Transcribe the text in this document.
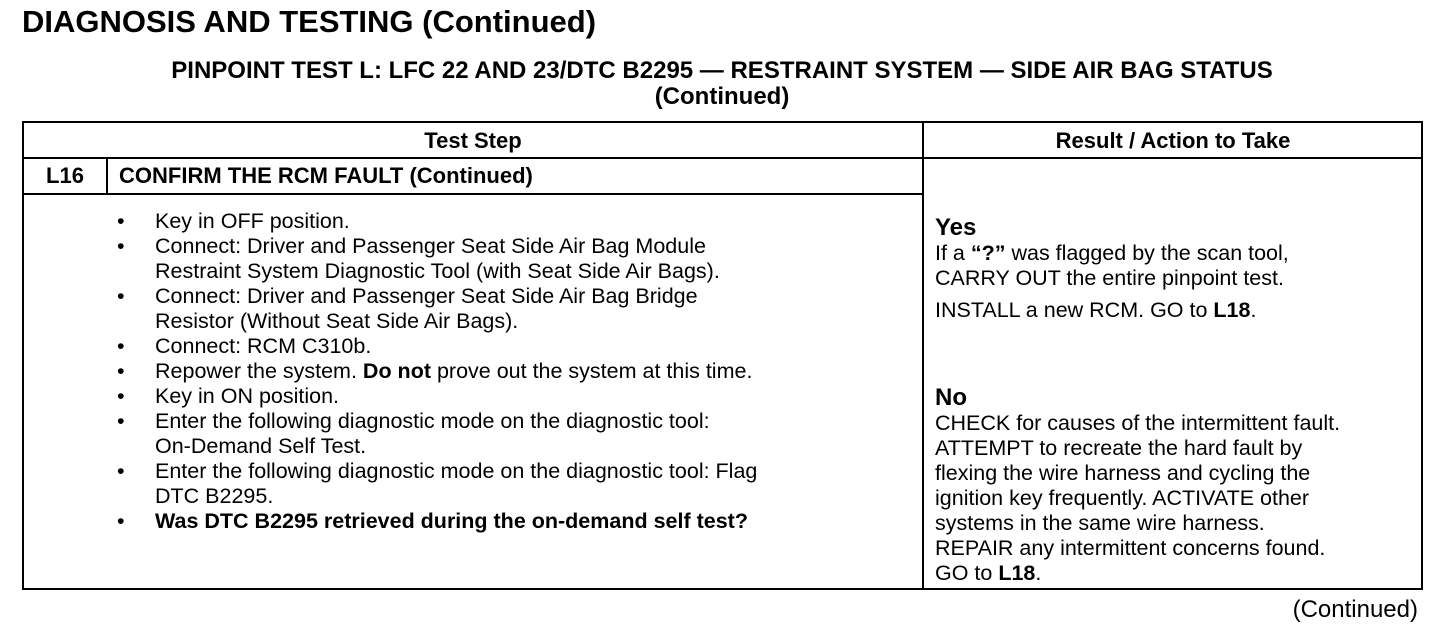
DIAGNOSIS AND TESTING (Continued)
PINPOINT TEST L: LFC 22 AND 23/DTC B2295 — RESTRAINT SYSTEM — SIDE AIR BAG STATUS
(Continued)
Test Step	Result / Action to Take
L16	CONFIRM THE RCM FAULT (Continued)
• Key in OFF position.
• Connect: Driver and Passenger Seat Side Air Bag Module
Restraint System Diagnostic Tool (with Seat Side Air Bags).
• Connect: Driver and Passenger Seat Side Air Bag Bridge
Resistor (Without Seat Side Air Bags).
• Connect: RCM C310b.
• Repower the system. Do not prove out the system at this time.
• Key in ON position.
• Enter the following diagnostic mode on the diagnostic tool:
On-Demand Self Test.
• Enter the following diagnostic mode on the diagnostic tool: Flag
DTC B2295.
• Was DTC B2295 retrieved during the on-demand self test?
Yes
If a “?” was flagged by the scan tool,
CARRY OUT the entire pinpoint test.
INSTALL a new RCM. GO to L18.
No
CHECK for causes of the intermittent fault.
ATTEMPT to recreate the hard fault by
flexing the wire harness and cycling the
ignition key frequently. ACTIVATE other
systems in the same wire harness.
REPAIR any intermittent concerns found.
GO to L18.
(Continued)
